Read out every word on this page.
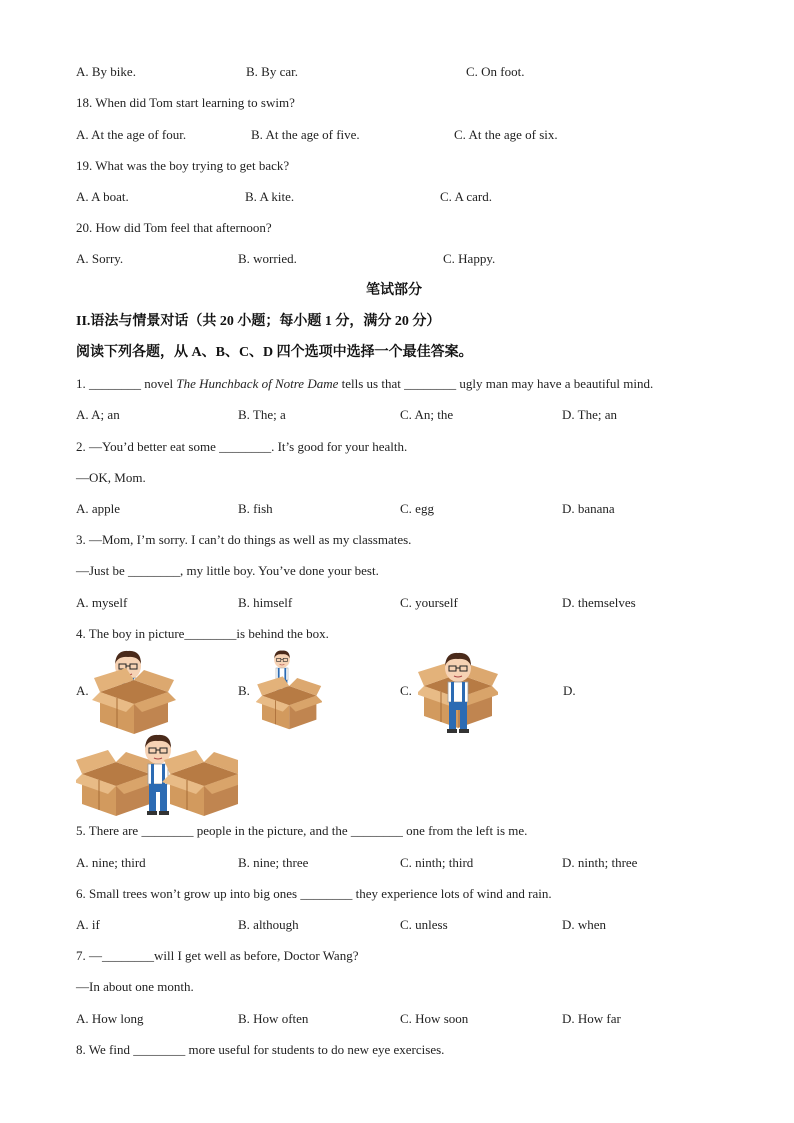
A. By bike.	B. By car.	C. On foot.
18. When did Tom start learning to swim?
A. At the age of four.	B. At the age of five.	C. At the age of six.
19. What was the boy trying to get back?
A. A boat.	B. A kite.	C. A card.
20. How did Tom feel that afternoon?
A. Sorry.	B. worried.	C. Happy.
笔试部分
II.语法与情景对话（共 20 小题；每小题 1 分，满分 20 分）
阅读下列各题，从 A、B、C、D 四个选项中选择一个最佳答案。
1. ________ novel The Hunchback of Notre Dame tells us that ________ ugly man may have a beautiful mind.
A. A; an	B. The; a	C. An; the	D. The; an
2. —You’d better eat some ________. It’s good for your health.
—OK, Mom.
A. apple	B. fish	C. egg	D. banana
3. —Mom, I’m sorry. I can’t do things as well as my classmates.
—Just be ________, my little boy. You’ve done your best.
A. myself	B. himself	C. yourself	D. themselves
4. The boy in picture________is behind the box.
A.	B.	C.	D.
5. There are ________ people in the picture, and the ________ one from the left is me.
A. nine; third	B. nine; three	C. ninth; third	D. ninth; three
6. Small trees won’t grow up into big ones ________ they experience lots of wind and rain.
A. if	B. although	C. unless	D. when
7. —________will I get well as before, Doctor Wang?
—In about one month.
A. How long	B. How often	C. How soon	D. How far
8. We find ________ more useful for students to do new eye exercises.
